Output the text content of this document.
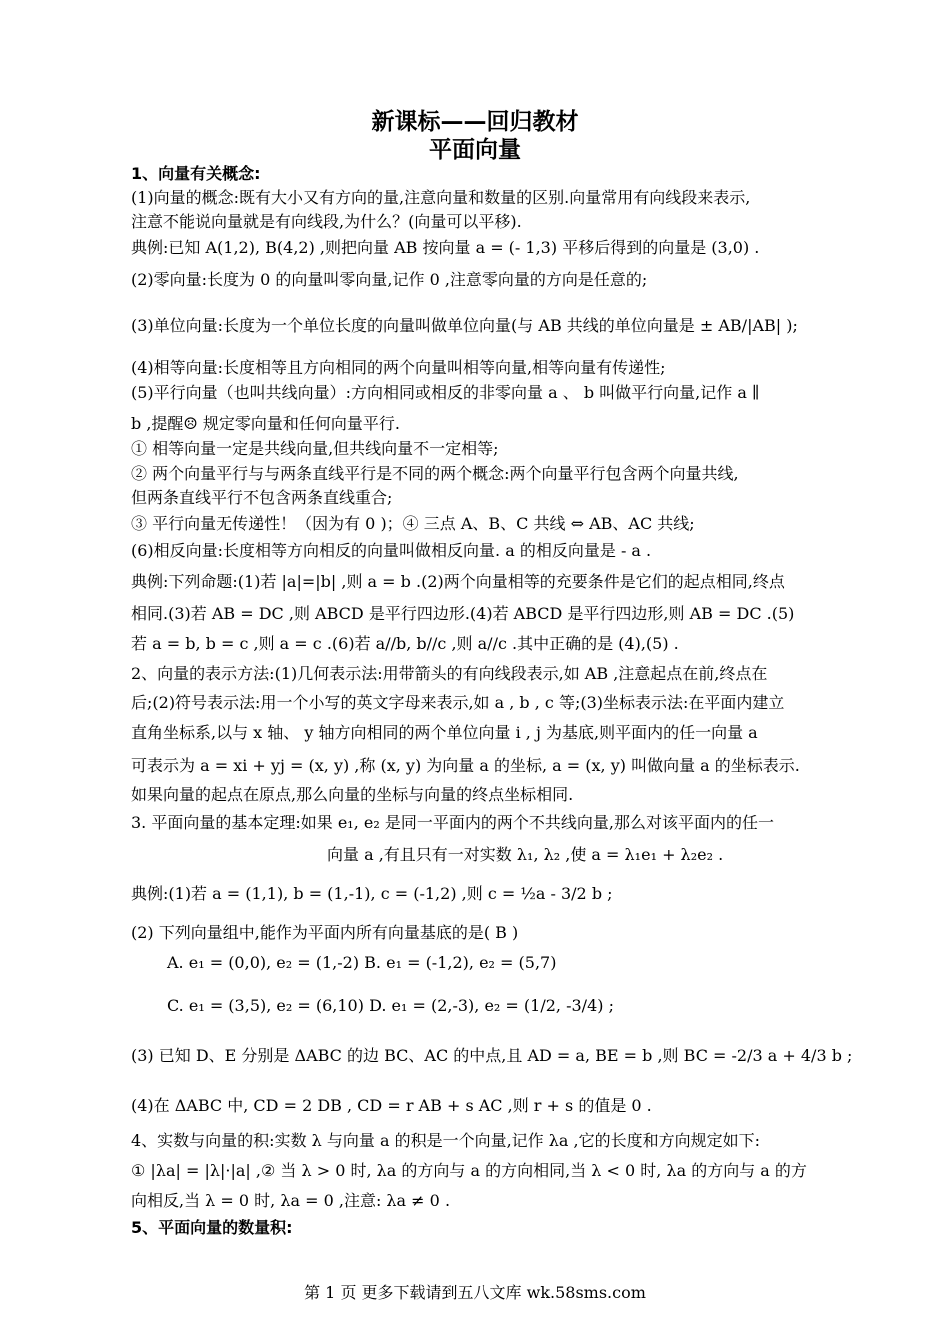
新课标——回归教材
平面向量
1、向量有关概念:
(1)向量的概念:既有大小又有方向的量,注意向量和数量的区别.向量常用有向线段来表示,
注意不能说向量就是有向线段,为什么？(向量可以平移).
典例:已知 A(1,2), B(4,2) ,则把向量 AB 按向量 a = (- 1,3) 平移后得到的向量是 (3,0) .
(2)零向量:长度为 0 的向量叫零向量,记作 0 ,注意零向量的方向是任意的;
(3)单位向量:长度为一个单位长度的向量叫做单位向量(与 AB 共线的单位向量是 ± AB/|AB| );
(4)相等向量:长度相等且方向相同的两个向量叫相等向量,相等向量有传递性;
(5)平行向量（也叫共线向量）:方向相同或相反的非零向量 a 、 b 叫做平行向量,记作 a ∥
b ,提醒☹ 规定零向量和任何向量平行.
① 相等向量一定是共线向量,但共线向量不一定相等;
② 两个向量平行与与两条直线平行是不同的两个概念:两个向量平行包含两个向量共线,
但两条直线平行不包含两条直线重合;
③ 平行向量无传递性！（因为有 0 )；④ 三点 A、B、C 共线 ⇔ AB、AC 共线;
(6)相反向量:长度相等方向相反的向量叫做相反向量. a 的相反向量是 - a .
典例:下列命题:(1)若 |a|=|b| ,则 a = b .(2)两个向量相等的充要条件是它们的起点相同,终点
相同.(3)若 AB = DC ,则 ABCD 是平行四边形.(4)若 ABCD 是平行四边形,则 AB = DC .(5)
若 a = b, b = c ,则 a = c .(6)若 a//b, b//c ,则 a//c .其中正确的是 (4),(5) .
2、向量的表示方法:(1)几何表示法:用带箭头的有向线段表示,如 AB ,注意起点在前,终点在
后;(2)符号表示法:用一个小写的英文字母来表示,如 a , b , c 等;(3)坐标表示法:在平面内建立
直角坐标系,以与 x 轴、 y 轴方向相同的两个单位向量 i , j 为基底,则平面内的任一向量 a
可表示为 a = xi + yj = (x, y) ,称 (x, y) 为向量 a 的坐标, a = (x, y) 叫做向量 a 的坐标表示.
如果向量的起点在原点,那么向量的坐标与向量的终点坐标相同.
3. 平面向量的基本定理:如果 e₁, e₂ 是同一平面内的两个不共线向量,那么对该平面内的任一
向量 a ,有且只有一对实数 λ₁, λ₂ ,使 a = λ₁e₁ + λ₂e₂ .
典例:(1)若 a = (1,1), b = (1,-1), c = (-1,2) ,则 c = ½a - 3/2 b ;
(2) 下列向量组中,能作为平面内所有向量基底的是( B )
A. e₁ = (0,0), e₂ = (1,-2) B. e₁ = (-1,2), e₂ = (5,7)
C. e₁ = (3,5), e₂ = (6,10) D. e₁ = (2,-3), e₂ = (1/2, -3/4) ;
(3) 已知 D、E 分别是 ΔABC 的边 BC、AC 的中点,且 AD = a, BE = b ,则 BC = -2/3 a + 4/3 b ;
(4)在 ΔABC 中, CD = 2 DB , CD = r AB + s AC ,则 r + s 的值是 0 .
4、实数与向量的积:实数 λ 与向量 a 的积是一个向量,记作 λa ,它的长度和方向规定如下:
① |λa| = |λ|·|a| ,② 当 λ > 0 时, λa 的方向与 a 的方向相同,当 λ < 0 时, λa 的方向与 a 的方
向相反,当 λ = 0 时, λa = 0 ,注意: λa ≠ 0 .
5、平面向量的数量积:
第 1 页 更多下载请到五八文库 wk.58sms.com
